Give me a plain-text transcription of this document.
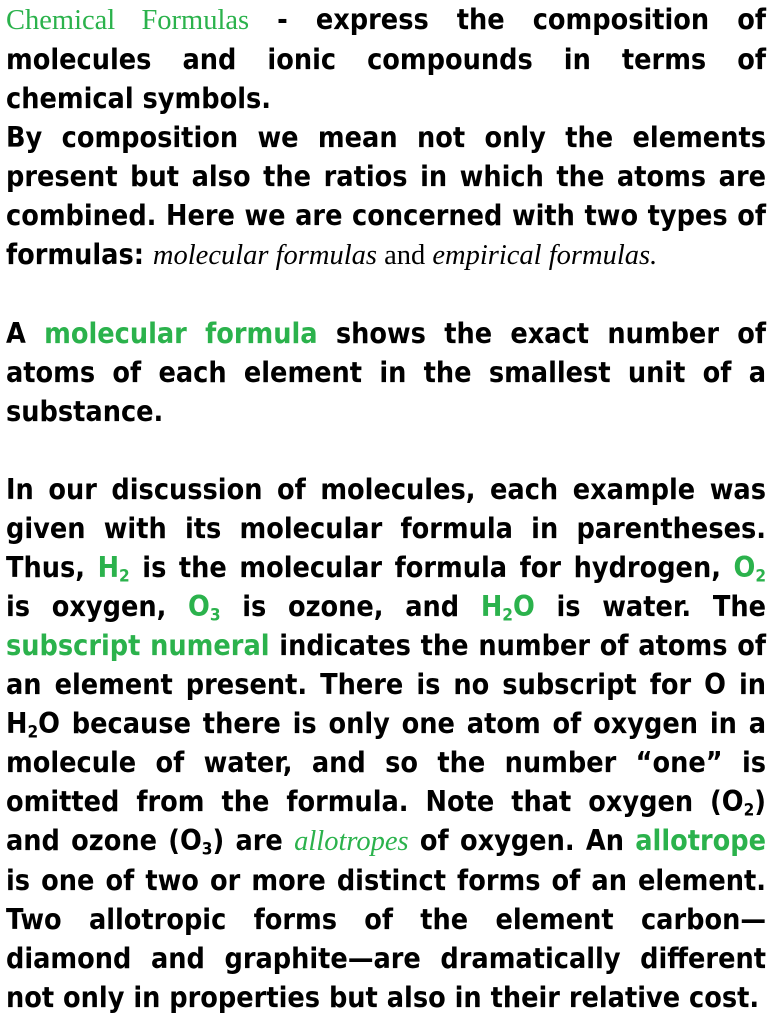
Chemical Formulas - express the composition of molecules and ionic compounds in terms of chemical symbols.

By composition we mean not only the elements present but also the ratios in which the atoms are combined. Here we are concerned with two types of formulas: molecular formulas and empirical formulas.

A molecular formula shows the exact number of atoms of each element in the smallest unit of a substance.

In our discussion of molecules, each example was given with its molecular formula in parentheses. Thus, $H_2$ is the molecular formula for hydrogen, $O_2$ is oxygen, $O_3$ is ozone, and $H_2O$ is water. The subscript numeral indicates the number of atoms of an element present. There is no subscript for O in $H_2O$ because there is only one atom of oxygen in a molecule of water, and so the number “one” is omitted from the formula. Note that oxygen $(O_2)$ and ozone $(O_3)$ are allotropes of oxygen. An allotrope is one of two or more distinct forms of an element. Two allotropic forms of the element carbon—diamond and graphite—are dramatically different not only in properties but also in their relative cost.
